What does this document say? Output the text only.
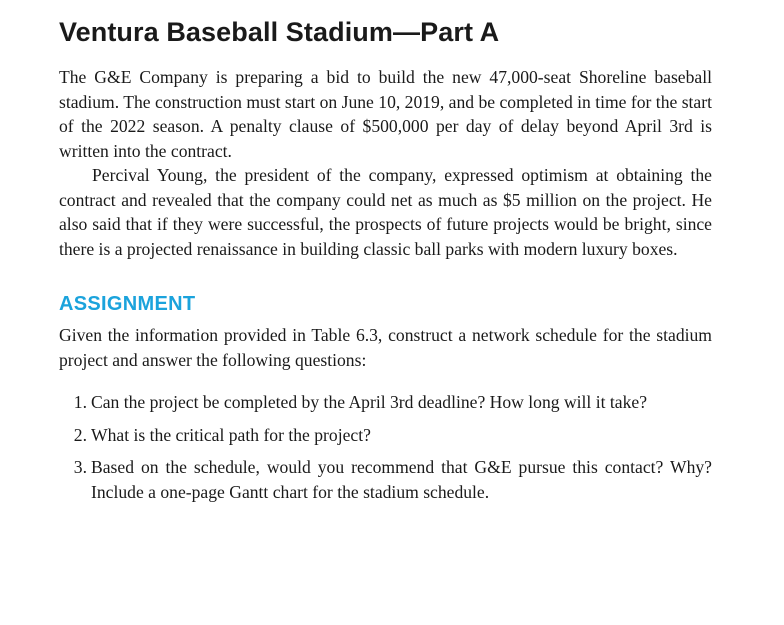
Ventura Baseball Stadium—Part A

The G&E Company is preparing a bid to build the new 47,000-seat Shoreline baseball stadium. The construction must start on June 10, 2019, and be completed in time for the start of the 2022 season. A penalty clause of $500,000 per day of delay beyond April 3rd is written into the contract.

Percival Young, the president of the company, expressed optimism at obtaining the contract and revealed that the company could net as much as $5 million on the project. He also said that if they were successful, the prospects of future projects would be bright, since there is a projected renaissance in building classic ball parks with modern luxury boxes.

ASSIGNMENT

Given the information provided in Table 6.3, construct a network schedule for the stadium project and answer the following questions:

1. Can the project be completed by the April 3rd deadline? How long will it take?
2. What is the critical path for the project?
3. Based on the schedule, would you recommend that G&E pursue this contact? Why? Include a one-page Gantt chart for the stadium schedule.
